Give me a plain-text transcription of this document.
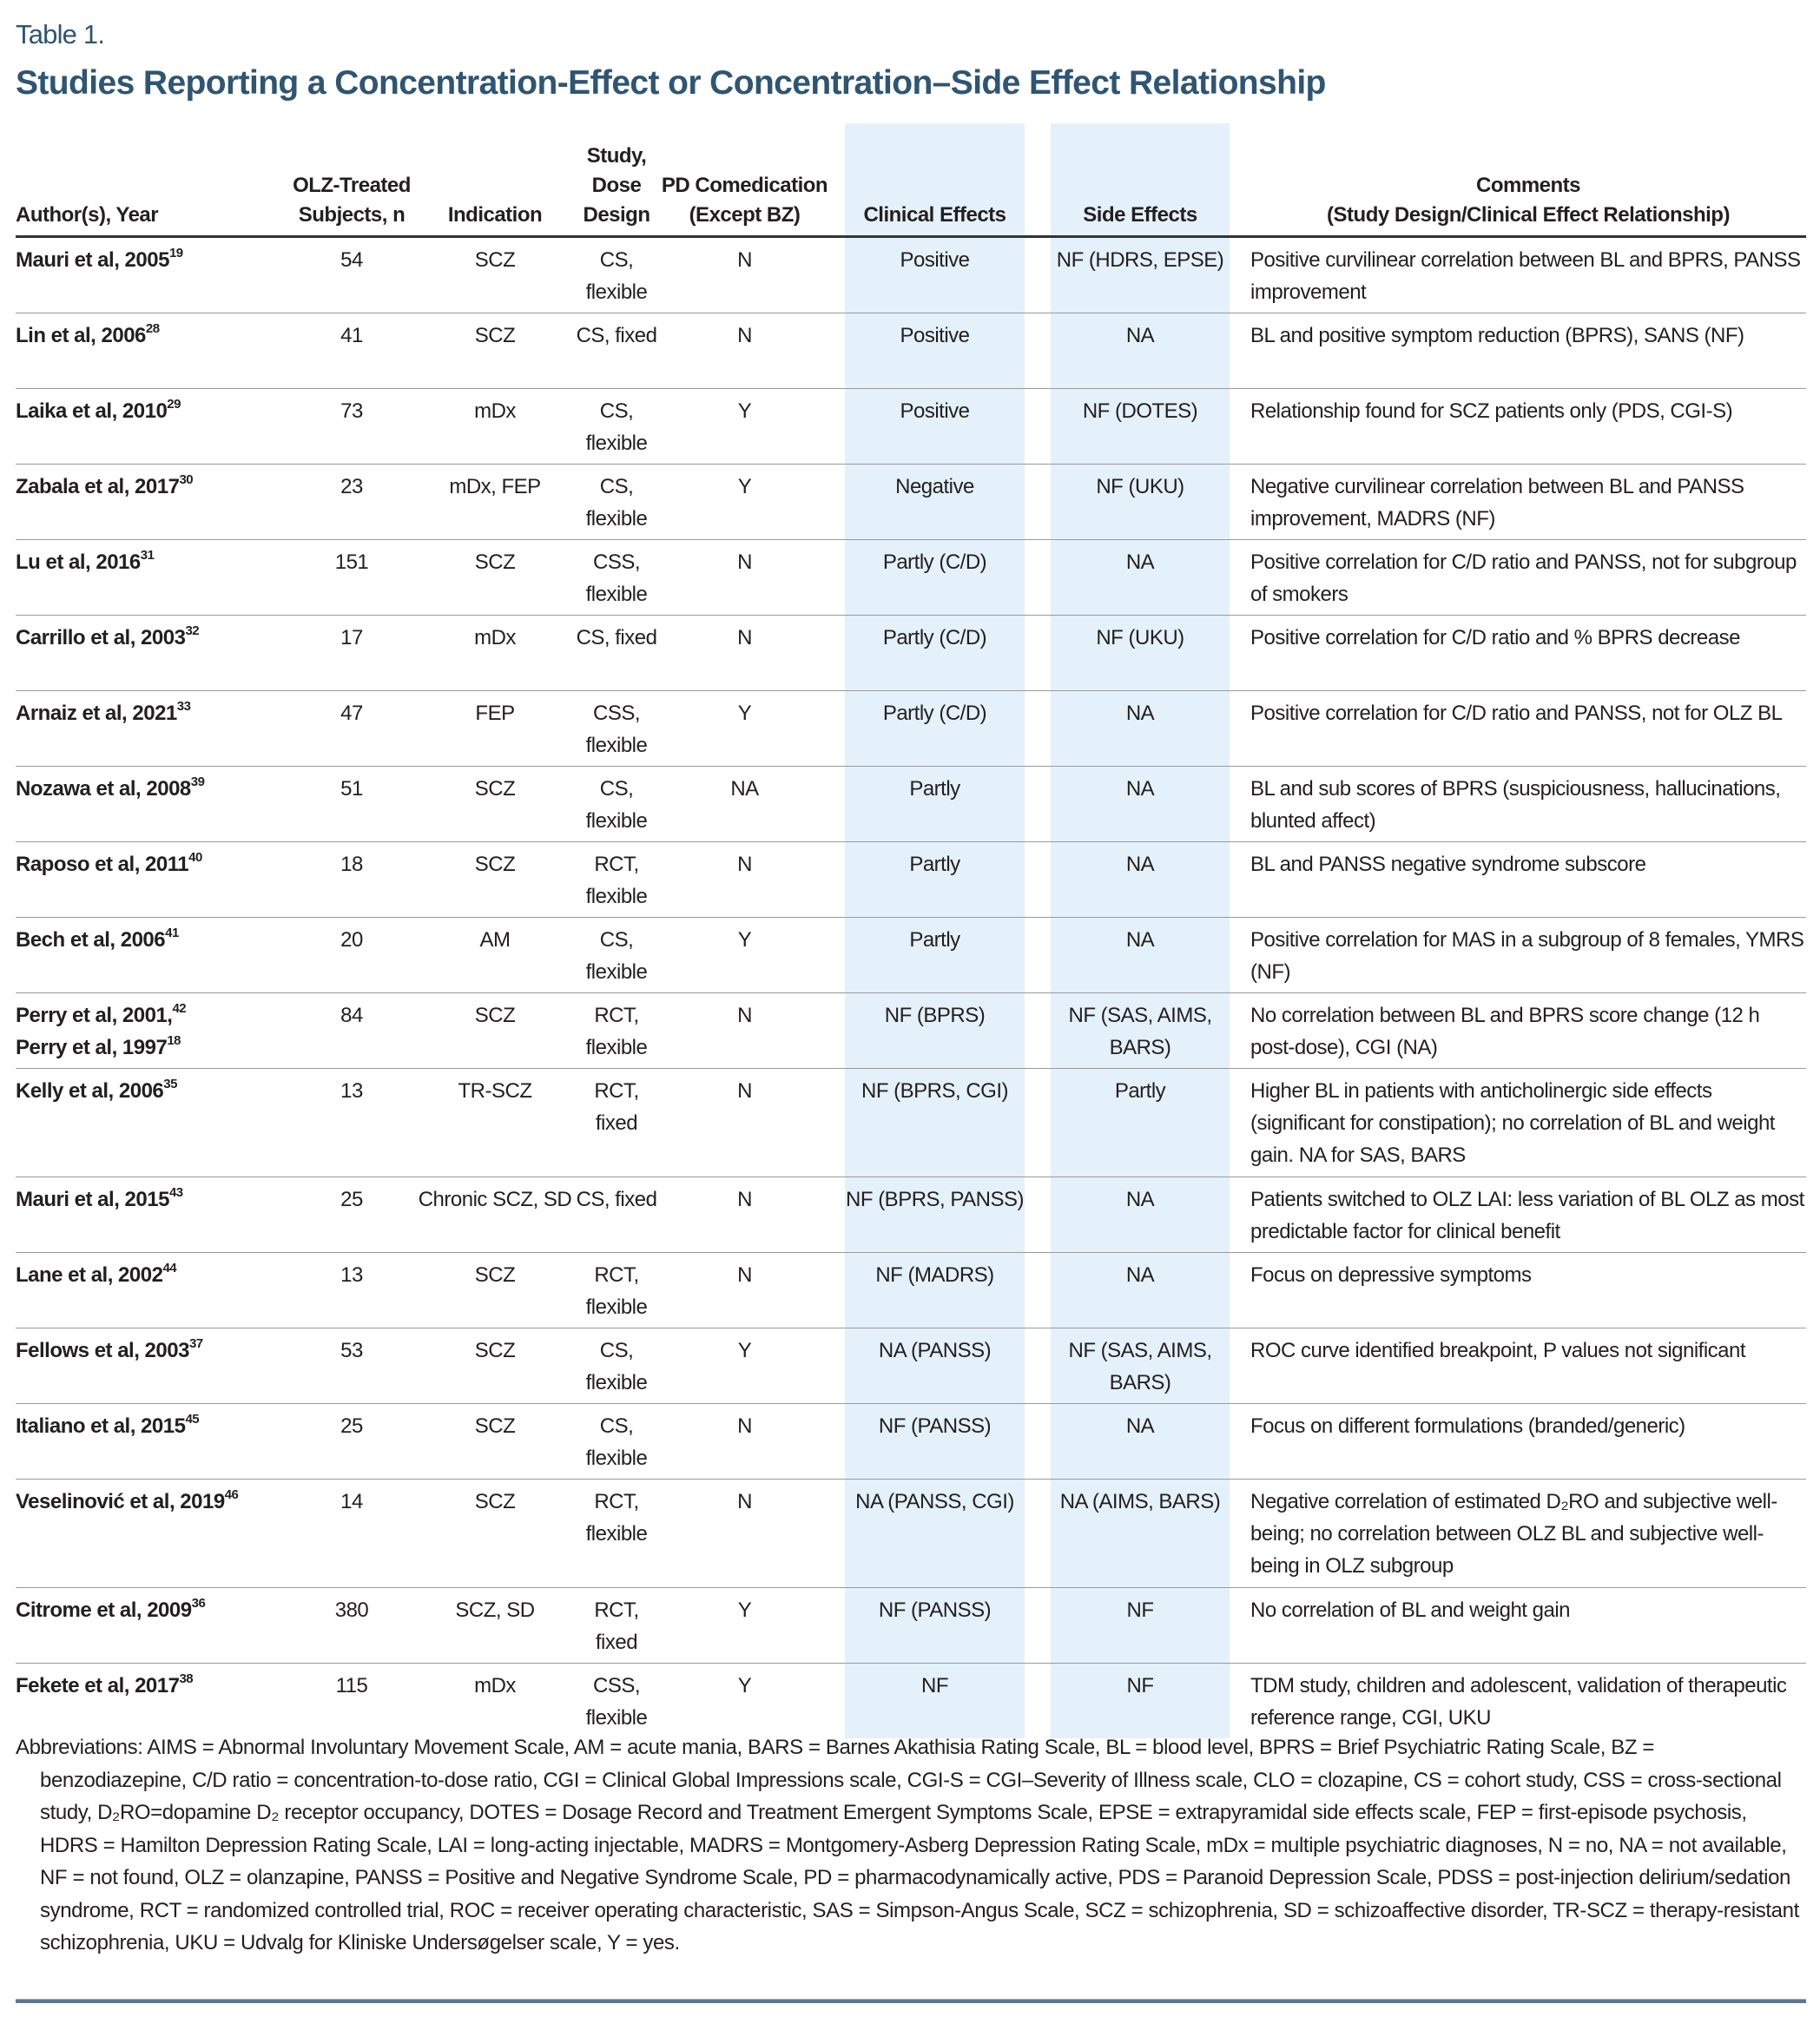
Table 1.
Studies Reporting a Concentration-Effect or Concentration–Side Effect Relationship
Author(s), Year	OLZ-Treated Subjects, n	Indication	Study, Dose Design	PD Comedication (Except BZ)		Clinical Effects		Side Effects		Comments
(Study Design/Clinical Effect Relationship)

Mauri et al, 2005$^{19}$	54	SCZ	CS, flexible	N		Positive		NF (HDRS, EPSE)		Positive curvilinear correlation between BL and BPRS, PANSS improvement

Lin et al, 2006$^{28}$	41	SCZ	CS, fixed	N		Positive		NA		BL and positive symptom reduction (BPRS), SANS (NF)

Laika et al, 2010$^{29}$	73	mDx	CS, flexible	Y		Positive		NF (DOTES)		Relationship found for SCZ patients only (PDS, CGI-S)

Zabala et al, 2017$^{30}$	23	mDx, FEP	CS, flexible	Y		Negative		NF (UKU)		Negative curvilinear correlation between BL and PANSS improvement, MADRS (NF)

Lu et al, 2016$^{31}$	151	SCZ	CSS, flexible	N		Partly (C/D)		NA		Positive correlation for C/D ratio and PANSS, not for subgroup of smokers

Carrillo et al, 2003$^{32}$	17	mDx	CS, fixed	N		Partly (C/D)		NF (UKU)		Positive correlation for C/D ratio and % BPRS decrease

Arnaiz et al, 2021$^{33}$	47	FEP	CSS, flexible	Y		Partly (C/D)		NA		Positive correlation for C/D ratio and PANSS, not for OLZ BL

Nozawa et al, 2008$^{39}$	51	SCZ	CS, flexible	NA		Partly		NA		BL and sub scores of BPRS (suspiciousness, hallucinations, blunted affect)

Raposo et al, 2011$^{40}$	18	SCZ	RCT, flexible	N		Partly		NA		BL and PANSS negative syndrome subscore

Bech et al, 2006$^{41}$	20	AM	CS, flexible	Y		Partly		NA		Positive correlation for MAS in a subgroup of 8 females, YMRS (NF)

Perry et al, 2001,42
Perry et al, 1997$^{18}$	84	SCZ	RCT, flexible	N		NF (BPRS)		NF (SAS, AIMS, BARS)		No correlation between BL and BPRS score change (12 h post-dose), CGI (NA)

Kelly et al, 2006$^{35}$	13	TR-SCZ	RCT, fixed	N		NF (BPRS, CGI)		Partly		Higher BL in patients with anticholinergic side effects (significant for constipation); no correlation of BL and weight gain. NA for SAS, BARS

Mauri et al, 2015$^{43}$	25	Chronic SCZ, SD	CS, fixed	N		NF (BPRS, PANSS)		NA		Patients switched to OLZ LAI: less variation of BL OLZ as most predictable factor for clinical benefit

Lane et al, 2002$^{44}$	13	SCZ	RCT, flexible	N		NF (MADRS)		NA		Focus on depressive symptoms

Fellows et al, 2003$^{37}$	53	SCZ	CS, flexible	Y		NA (PANSS)		NF (SAS, AIMS, BARS)		ROC curve identified breakpoint, P values not significant

Italiano et al, 2015$^{45}$	25	SCZ	CS, flexible	N		NF (PANSS)		NA		Focus on different formulations (branded/generic)

Veselinović et al, 2019$^{46}$	14	SCZ	RCT, flexible	N		NA (PANSS, CGI)		NA (AIMS, BARS)		Negative correlation of estimated D₂RO and subjective well-being; no correlation between OLZ BL and subjective well-being in OLZ subgroup

Citrome et al, 2009$^{36}$	380	SCZ, SD	RCT, fixed	Y		NF (PANSS)		NF		No correlation of BL and weight gain

Fekete et al, 2017$^{38}$	115	mDx	CSS, flexible	Y		NF		NF		TDM study, children and adolescent, validation of therapeutic reference range, CGI, UKU
Abbreviations: AIMS = Abnormal Involuntary Movement Scale, AM = acute mania, BARS = Barnes Akathisia Rating Scale, BL = blood level, BPRS = Brief Psychiatric Rating Scale, BZ = benzodiazepine, C/D ratio = concentration-to-dose ratio, CGI = Clinical Global Impressions scale, CGI-S = CGI–Severity of Illness scale, CLO = clozapine, CS = cohort study, CSS = cross-sectional study, D₂RO=dopamine D₂ receptor occupancy, DOTES = Dosage Record and Treatment Emergent Symptoms Scale, EPSE = extrapyramidal side effects scale, FEP = first-episode psychosis, HDRS = Hamilton Depression Rating Scale, LAI = long-acting injectable, MADRS = Montgomery-Asberg Depression Rating Scale, mDx = multiple psychiatric diagnoses, N = no, NA = not available, NF = not found, OLZ = olanzapine, PANSS = Positive and Negative Syndrome Scale, PD = pharmacodynamically active, PDS = Paranoid Depression Scale, PDSS = post-injection delirium/sedation syndrome, RCT = randomized controlled trial, ROC = receiver operating characteristic, SAS = Simpson-Angus Scale, SCZ = schizophrenia, SD = schizoaffective disorder, TR-SCZ = therapy-resistant schizophrenia, UKU = Udvalg for Kliniske Undersøgelser scale, Y = yes.
